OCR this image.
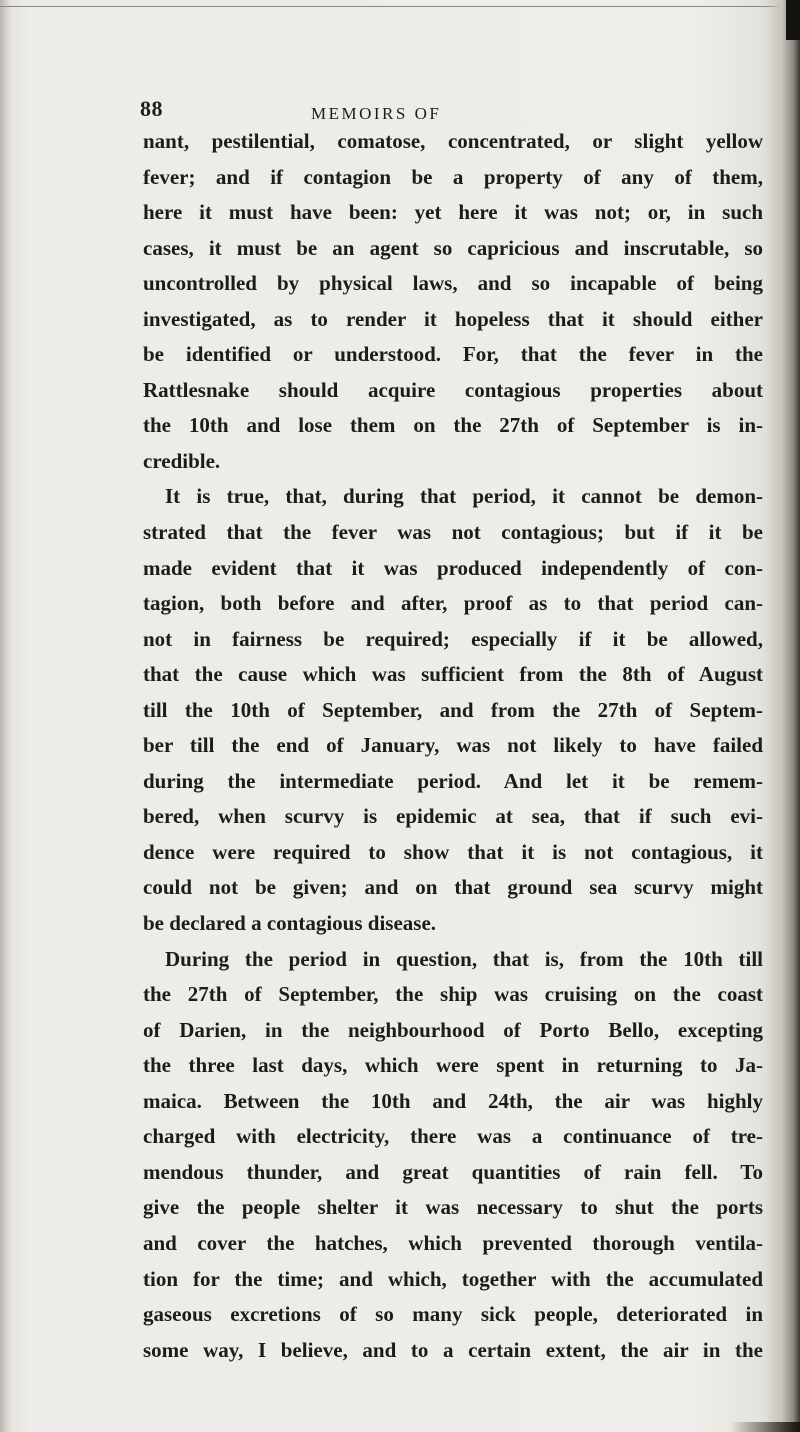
88	MEMOIRS OF
nant, pestilential, comatose, concentrated, or slight yellow
fever; and if contagion be a property of any of them,
here it must have been: yet here it was not; or, in such
cases, it must be an agent so capricious and inscrutable, so
uncontrolled by physical laws, and so incapable of being
investigated, as to render it hopeless that it should either
be identified or understood. For, that the fever in the
Rattlesnake should acquire contagious properties about
the 10th and lose them on the 27th of September is in-
credible.
It is true, that, during that period, it cannot be demon-
strated that the fever was not contagious; but if it be
made evident that it was produced independently of con-
tagion, both before and after, proof as to that period can-
not in fairness be required; especially if it be allowed,
that the cause which was sufficient from the 8th of August
till the 10th of September, and from the 27th of Septem-
ber till the end of January, was not likely to have failed
during the intermediate period. And let it be remem-
bered, when scurvy is epidemic at sea, that if such evi-
dence were required to show that it is not contagious, it
could not be given; and on that ground sea scurvy might
be declared a contagious disease.
During the period in question, that is, from the 10th till
the 27th of September, the ship was cruising on the coast
of Darien, in the neighbourhood of Porto Bello, excepting
the three last days, which were spent in returning to Ja-
maica. Between the 10th and 24th, the air was highly
charged with electricity, there was a continuance of tre-
mendous thunder, and great quantities of rain fell. To
give the people shelter it was necessary to shut the ports
and cover the hatches, which prevented thorough ventila-
tion for the time; and which, together with the accumulated
gaseous excretions of so many sick people, deteriorated in
some way, I believe, and to a certain extent, the air in the
